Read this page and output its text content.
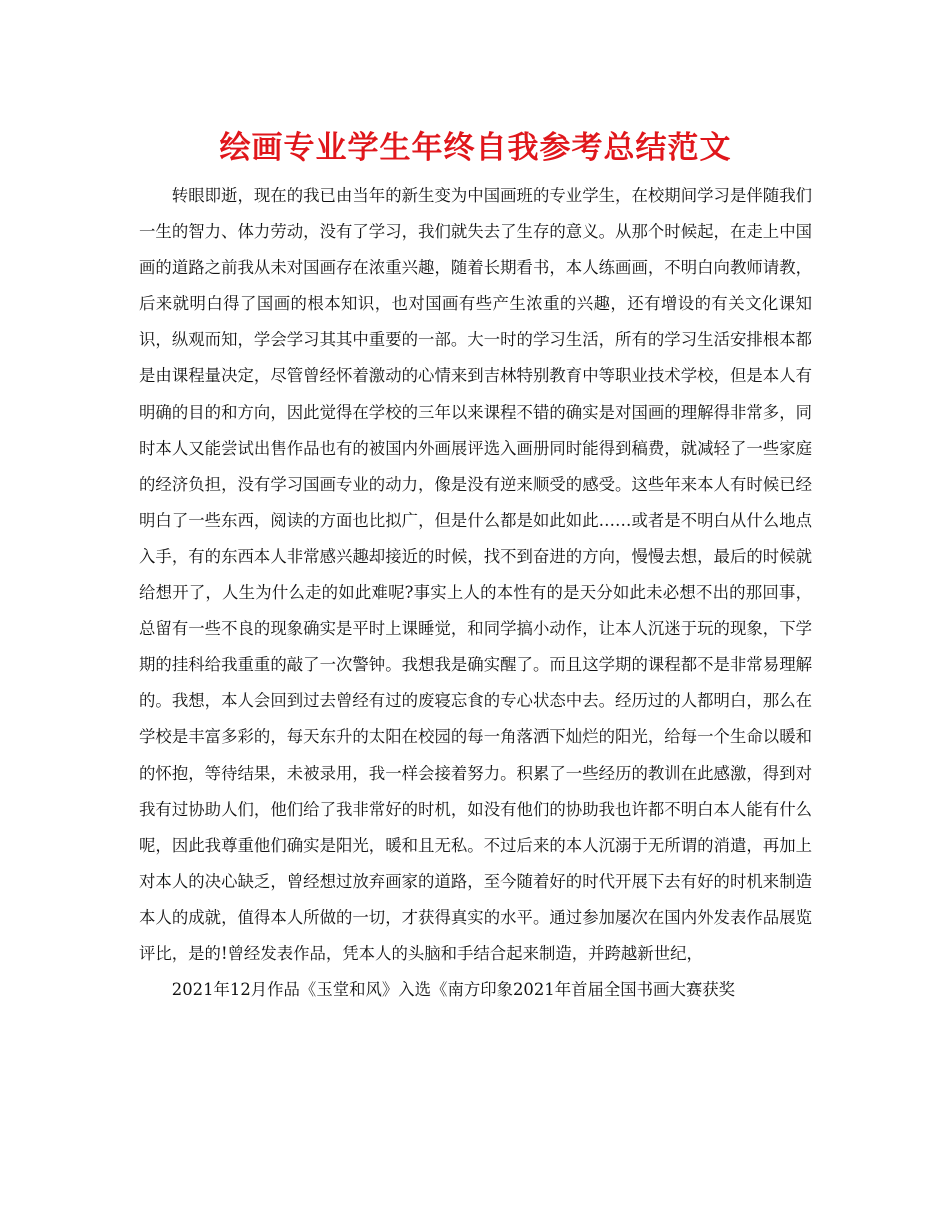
绘画专业学生年终自我参考总结范文

转眼即逝，现在的我已由当年的新生变为中国画班的专业学生，在校期间学习是伴随我们一生的智力、体力劳动，没有了学习，我们就失去了生存的意义。从那个时候起，在走上中国画的道路之前我从未对国画存在浓重兴趣，随着长期看书，本人练画画，不明白向教师请教，后来就明白得了国画的根本知识，也对国画有些产生浓重的兴趣，还有增设的有关文化课知识，纵观而知，学会学习其其中重要的一部。大一时的学习生活，所有的学习生活安排根本都是由课程量决定，尽管曾经怀着激动的心情来到吉林特别教育中等职业技术学校，但是本人有明确的目的和方向，因此觉得在学校的三年以来课程不错的确实是对国画的理解得非常多，同时本人又能尝试出售作品也有的被国内外画展评选入画册同时能得到稿费，就减轻了一些家庭的经济负担，没有学习国画专业的动力，像是没有逆来顺受的感受。这些年来本人有时候已经明白了一些东西，阅读的方面也比拟广，但是什么都是如此如此……或者是不明白从什么地点入手，有的东西本人非常感兴趣却接近的时候，找不到奋进的方向，慢慢去想，最后的时候就给想开了，人生为什么走的如此难呢?事实上人的本性有的是天分如此未必想不出的那回事，总留有一些不良的现象确实是平时上课睡觉，和同学搞小动作，让本人沉迷于玩的现象，下学期的挂科给我重重的敲了一次警钟。我想我是确实醒了。而且这学期的课程都不是非常易理解的。我想，本人会回到过去曾经有过的废寝忘食的专心状态中去。经历过的人都明白，那么在学校是丰富多彩的，每天东升的太阳在校园的每一角落洒下灿烂的阳光，给每一个生命以暖和的怀抱，等待结果，未被录用，我一样会接着努力。积累了一些经历的教训在此感激，得到对我有过协助人们，他们给了我非常好的时机，如没有他们的协助我也许都不明白本人能有什么呢，因此我尊重他们确实是阳光，暖和且无私。不过后来的本人沉溺于无所谓的消遣，再加上对本人的决心缺乏，曾经想过放弃画家的道路，至今随着好的时代开展下去有好的时机来制造本人的成就，值得本人所做的一切，才获得真实的水平。通过参加屡次在国内外发表作品展览评比，是的!曾经发表作品，凭本人的头脑和手结合起来制造，并跨越新世纪，

2021年12月作品《玉堂和风》入选《南方印象2021年首届全国书画大赛获奖
